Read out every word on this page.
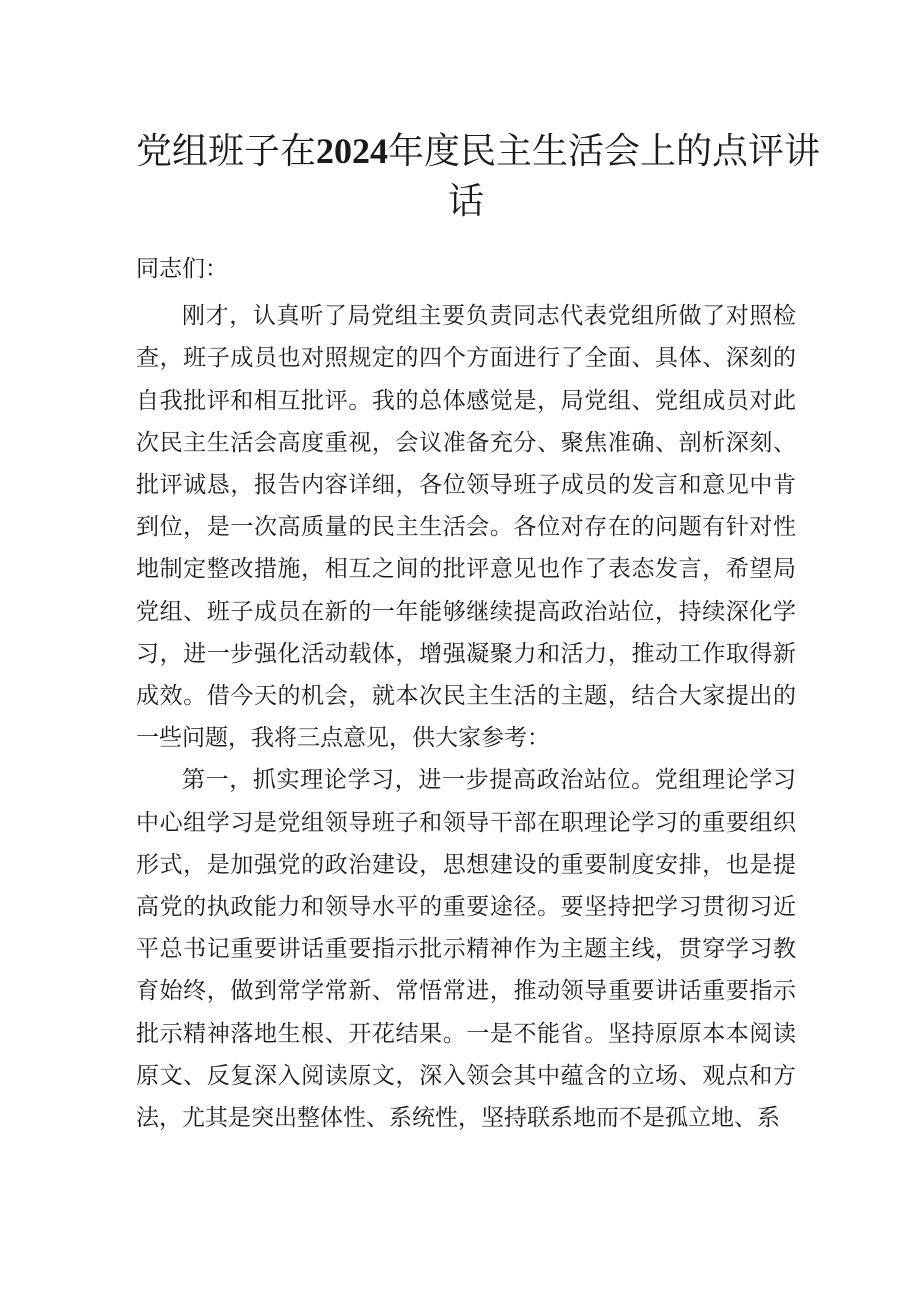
党组班子在2024年度民主生活会上的点评讲
话

同志们：

刚才，认真听了局党组主要负责同志代表党组所做了对照检查，班子成员也对照规定的四个方面进行了全面、具体、深刻的自我批评和相互批评。我的总体感觉是，局党组、党组成员对此次民主生活会高度重视，会议准备充分、聚焦准确、剖析深刻、批评诚恳，报告内容详细，各位领导班子成员的发言和意见中肯到位，是一次高质量的民主生活会。各位对存在的问题有针对性地制定整改措施，相互之间的批评意见也作了表态发言，希望局党组、班子成员在新的一年能够继续提高政治站位，持续深化学习，进一步强化活动载体，增强凝聚力和活力，推动工作取得新成效。借今天的机会，就本次民主生活的主题，结合大家提出的一些问题，我将三点意见，供大家参考：

第一，抓实理论学习，进一步提高政治站位。党组理论学习中心组学习是党组领导班子和领导干部在职理论学习的重要组织形式，是加强党的政治建设，思想建设的重要制度安排，也是提高党的执政能力和领导水平的重要途径。要坚持把学习贯彻习近平总书记重要讲话重要指示批示精神作为主题主线，贯穿学习教育始终，做到常学常新、常悟常进，推动领导重要讲话重要指示批示精神落地生根、开花结果。一是不能省。坚持原原本本阅读原文、反复深入阅读原文，深入领会其中蕴含的立场、观点和方法，尤其是突出整体性、系统性，坚持联系地而不是孤立地、系
